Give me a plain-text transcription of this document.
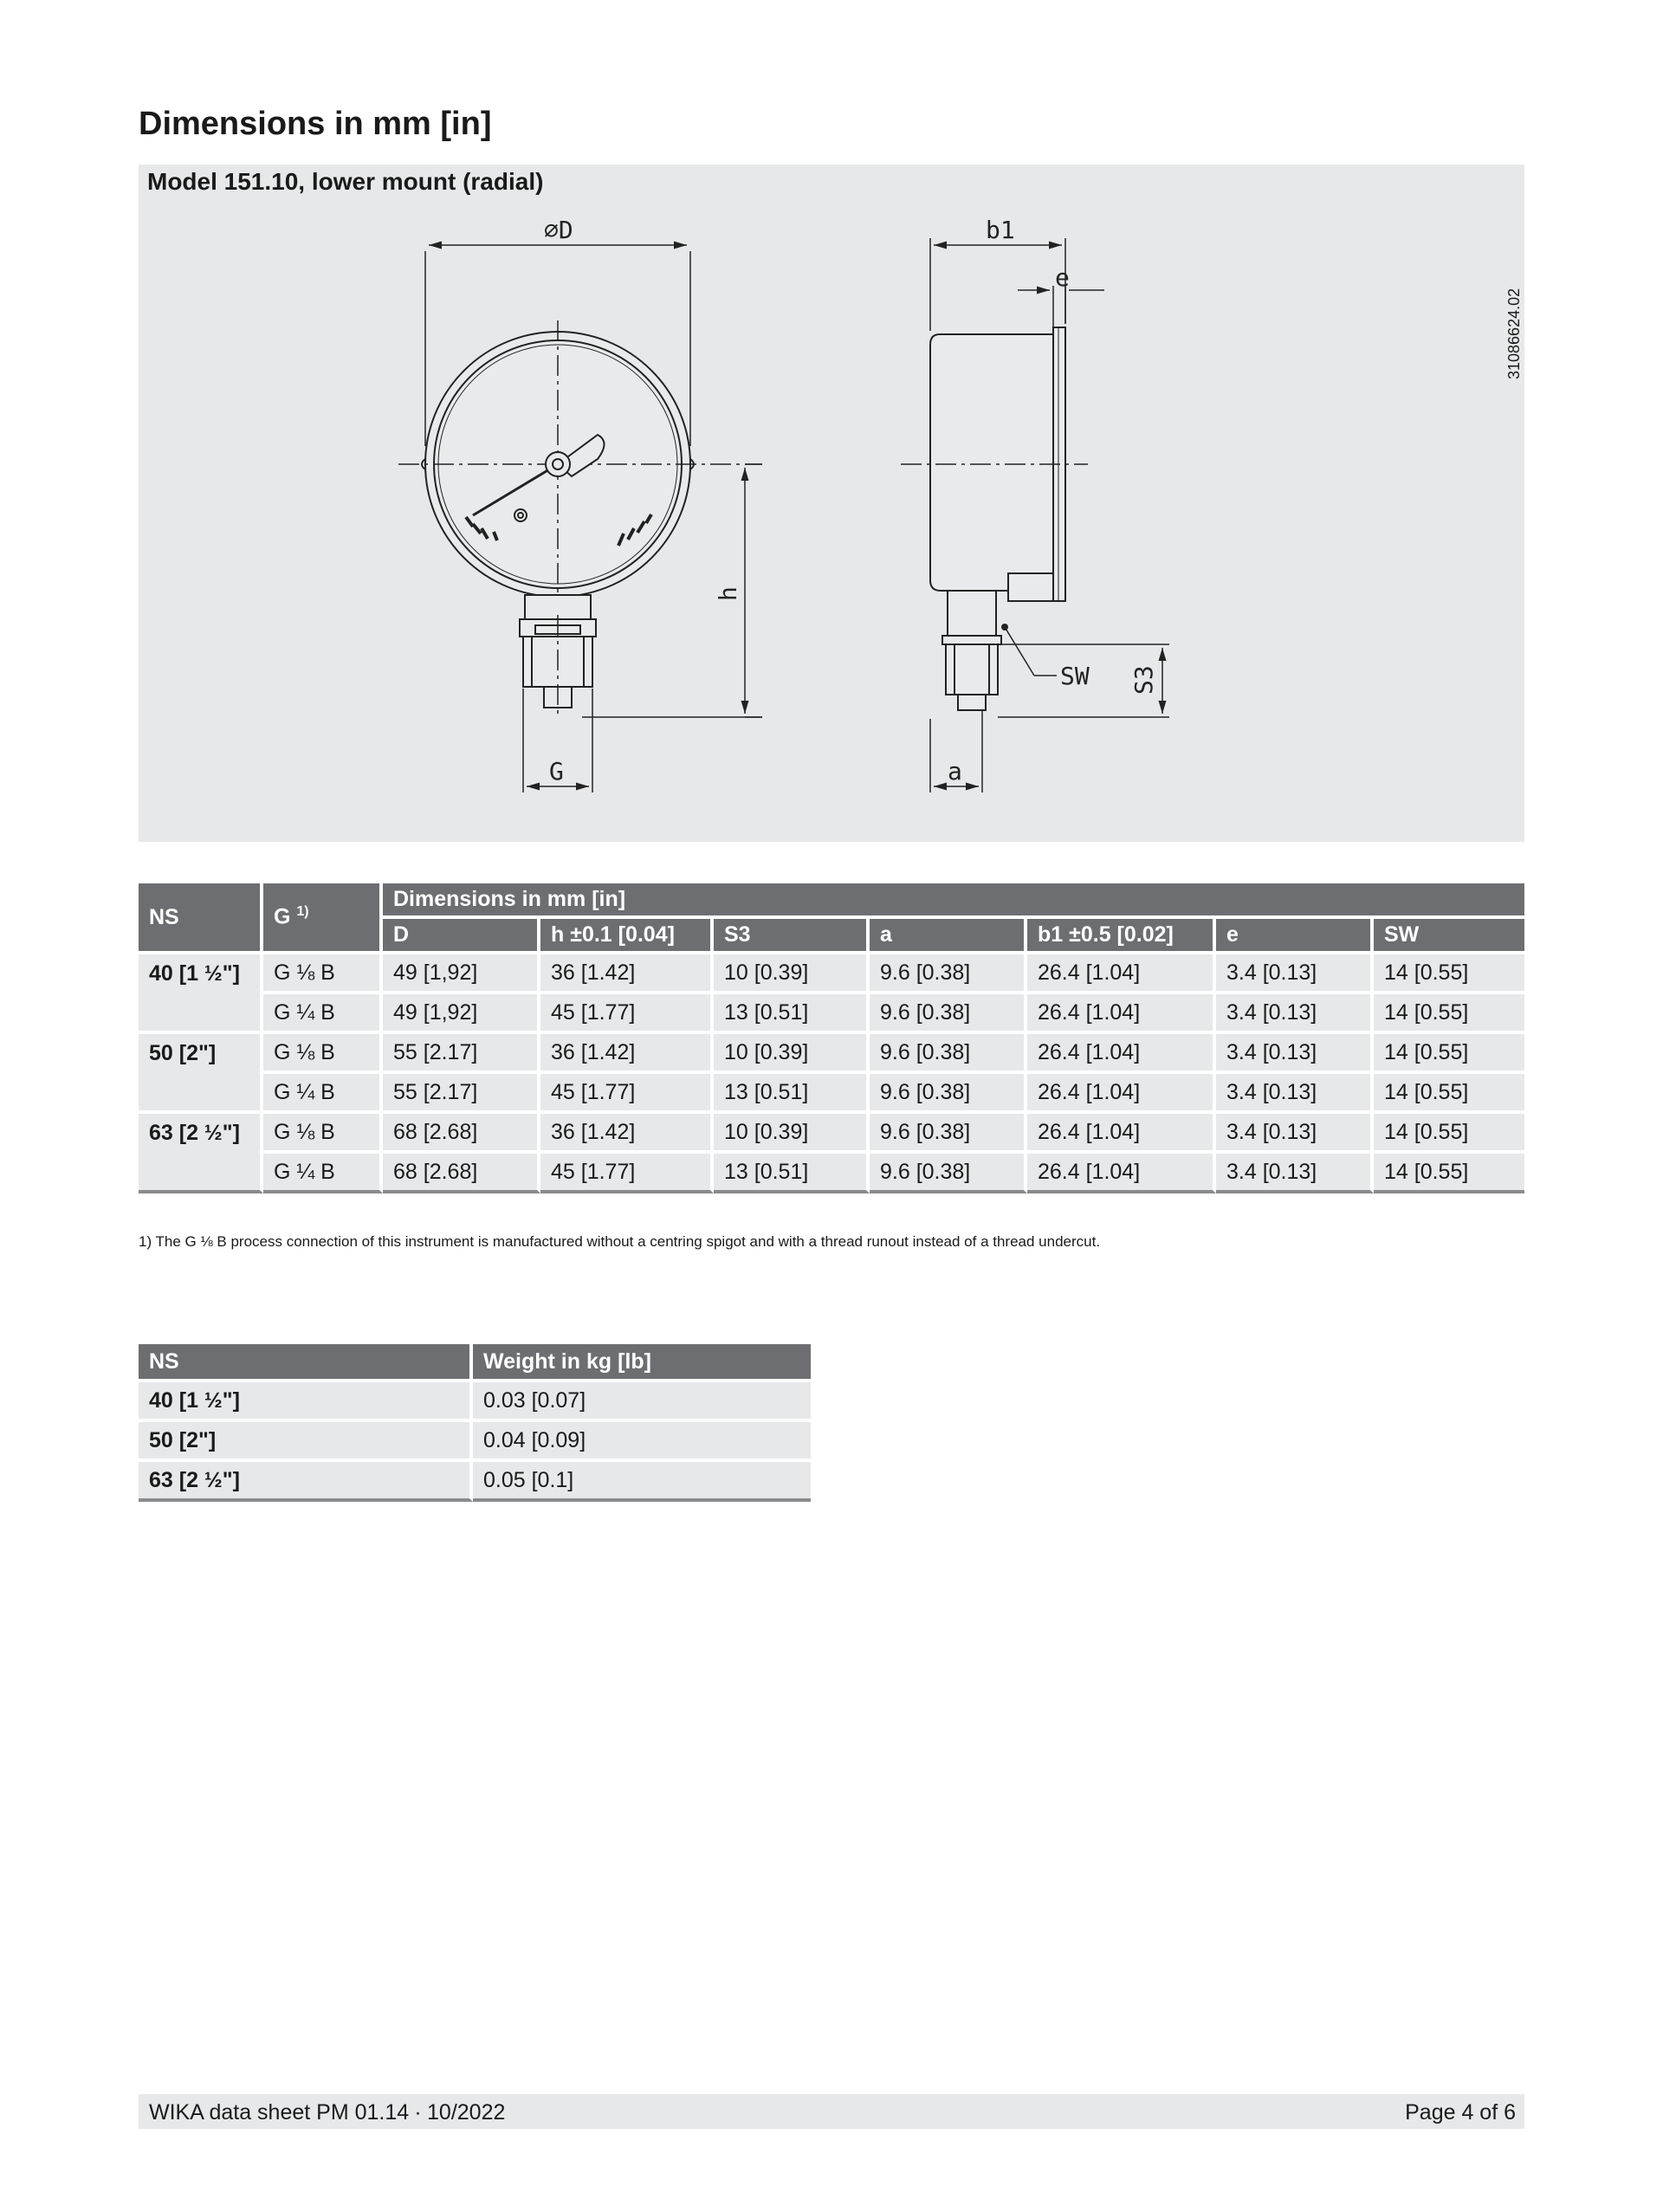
Dimensions in mm [in]
Model 151.10, lower mount (radial)
31086624.02
⌀D
h
G
b1
e
SW S3
a
NS	G $^{1)}$	Dimensions in mm [in]						
		D	h ±0.1 [0.04]	S3	a	b1 ±0.5 [0.02]	e	SW
40 [1 ½"]	G ⅛ B	49 [1,92]	36 [1.42]	10 [0.39]	9.6 [0.38]	26.4 [1.04]	3.4 [0.13]	14 [0.55]
	G ¼ B	49 [1,92]	45 [1.77]	13 [0.51]	9.6 [0.38]	26.4 [1.04]	3.4 [0.13]	14 [0.55]
50 [2"]	G ⅛ B	55 [2.17]	36 [1.42]	10 [0.39]	9.6 [0.38]	26.4 [1.04]	3.4 [0.13]	14 [0.55]
	G ¼ B	55 [2.17]	45 [1.77]	13 [0.51]	9.6 [0.38]	26.4 [1.04]	3.4 [0.13]	14 [0.55]
63 [2 ½"]	G ⅛ B	68 [2.68]	36 [1.42]	10 [0.39]	9.6 [0.38]	26.4 [1.04]	3.4 [0.13]	14 [0.55]
	G ¼ B	68 [2.68]	45 [1.77]	13 [0.51]	9.6 [0.38]	26.4 [1.04]	3.4 [0.13]	14 [0.55]
1) The G ⅛ B process connection of this instrument is manufactured without a centring spigot and with a thread runout instead of a thread undercut.
NS	Weight in kg [lb]
40 [1 ½"]	0.03 [0.07]
50 [2"]	0.04 [0.09]
63 [2 ½"]	0.05 [0.1]
WIKA data sheet PM 01.14 ∙ 10/2022	Page 4 of 6
